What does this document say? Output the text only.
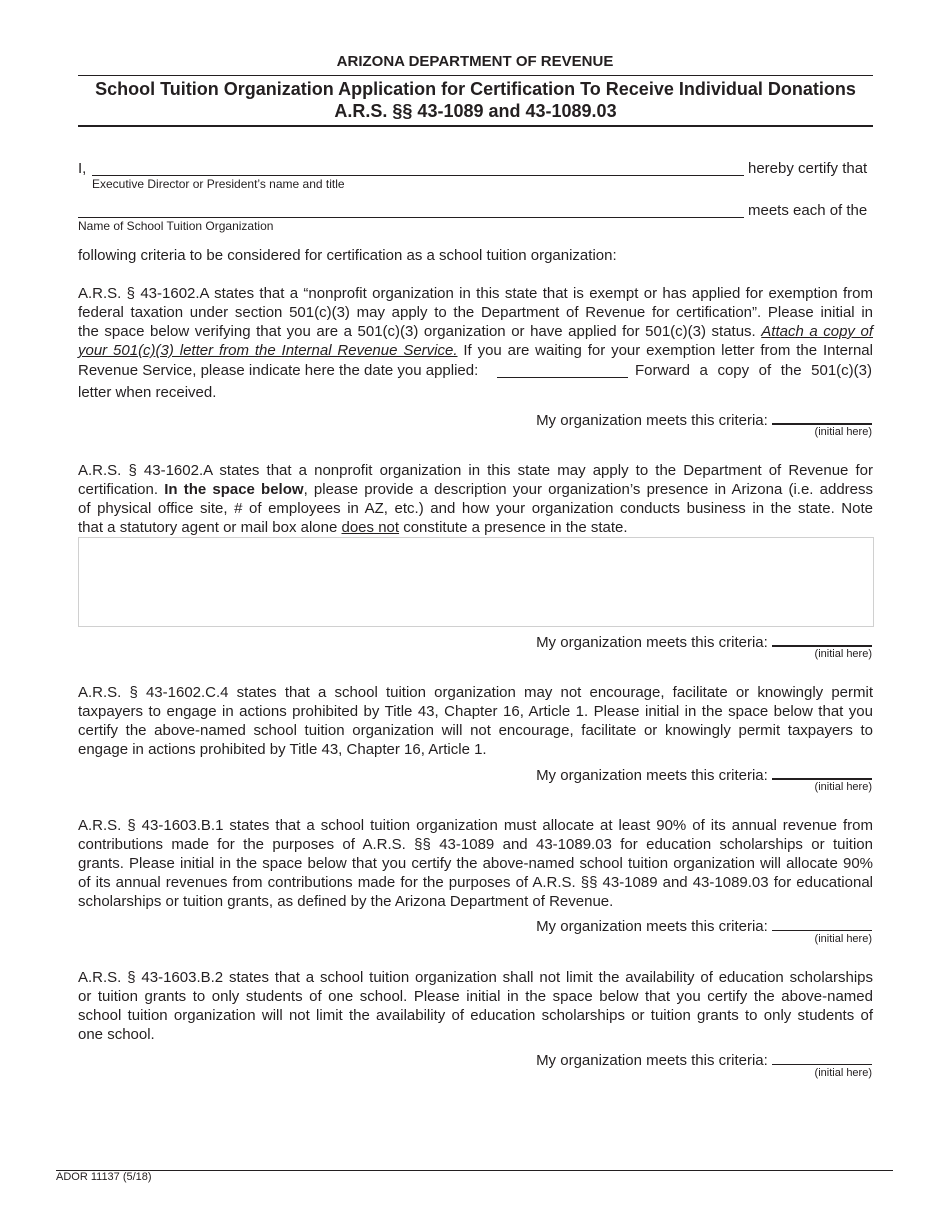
ARIZONA DEPARTMENT OF REVENUE
School Tuition Organization Application for Certification To Receive Individual Donations
A.R.S. §§ 43-1089 and 43-1089.03
I,	hereby certify that
Executive Director or President’s name and title
meets each of the
Name of School Tuition Organization
following criteria to be considered for certification as a school tuition organization:
A.R.S. § 43-1602.A states that a “nonprofit organization in this state that is exempt or has applied for exemption from
federal taxation under section 501(c)(3) may apply to the Department of Revenue for certification”. Please initial in
the space below verifying that you are a 501(c)(3) organization or have applied for 501(c)(3) status. Attach a copy of
your 501(c)(3) letter from the Internal Revenue Service. If you are waiting for your exemption letter from the Internal
Revenue Service, please indicate here the date you applied:	Forward a copy of the 501(c)(3)
letter when received.
My organization meets this criteria:
(initial here)
A.R.S. § 43-1602.A states that a nonprofit organization in this state may apply to the Department of Revenue for
certification. In the space below, please provide a description your organization’s presence in Arizona (i.e. address
of physical office site, # of employees in AZ, etc.) and how your organization conducts business in the state. Note
that a statutory agent or mail box alone does not constitute a presence in the state.
My organization meets this criteria:
(initial here)
A.R.S. § 43-1602.C.4 states that a school tuition organization may not encourage, facilitate or knowingly permit
taxpayers to engage in actions prohibited by Title 43, Chapter 16, Article 1. Please initial in the space below that you
certify the above-named school tuition organization will not encourage, facilitate or knowingly permit taxpayers to
engage in actions prohibited by Title 43, Chapter 16, Article 1.
My organization meets this criteria:
(initial here)
A.R.S. § 43-1603.B.1 states that a school tuition organization must allocate at least 90% of its annual revenue from
contributions made for the purposes of A.R.S. §§ 43-1089 and 43-1089.03 for education scholarships or tuition
grants. Please initial in the space below that you certify the above-named school tuition organization will allocate 90%
of its annual revenues from contributions made for the purposes of A.R.S. §§ 43-1089 and 43-1089.03 for educational
scholarships or tuition grants, as defined by the Arizona Department of Revenue.
My organization meets this criteria:
(initial here)
A.R.S. § 43-1603.B.2 states that a school tuition organization shall not limit the availability of education scholarships
or tuition grants to only students of one school. Please initial in the space below that you certify the above-named
school tuition organization will not limit the availability of education scholarships or tuition grants to only students of
one school.
My organization meets this criteria:
(initial here)
ADOR 11137 (5/18)
